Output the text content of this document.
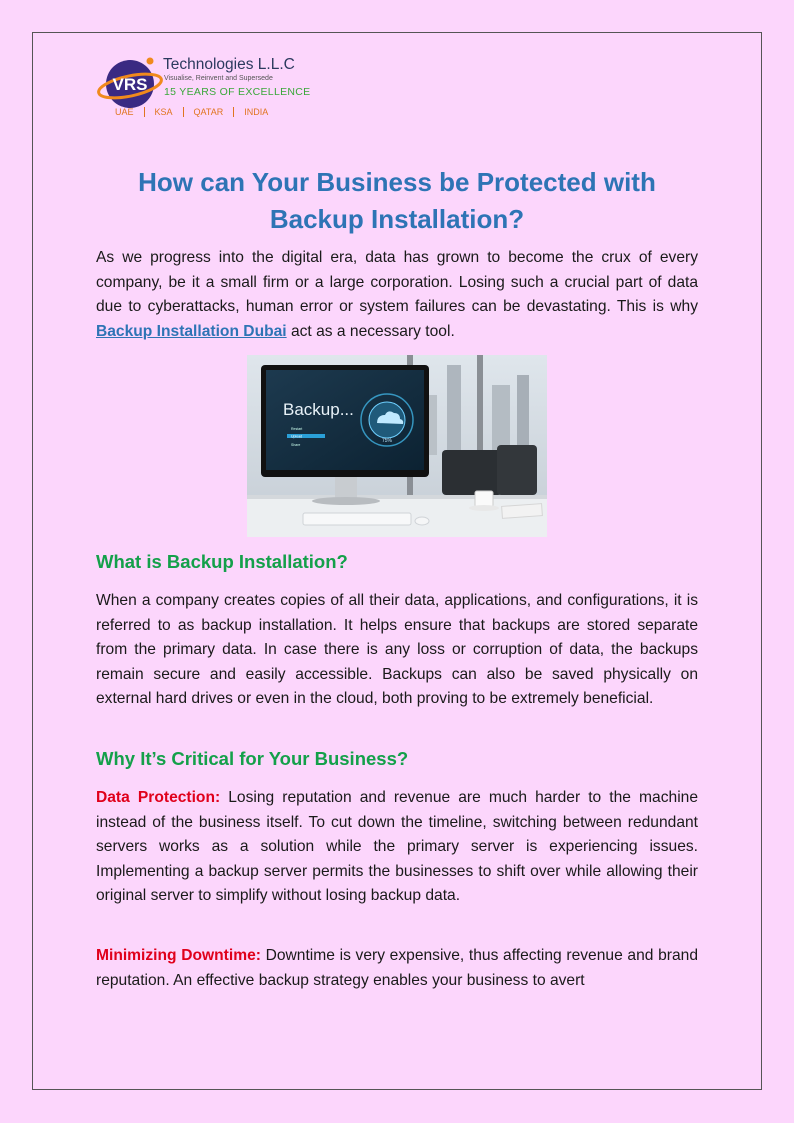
VRS
Technologies L.L.C
Visualise, Reinvent and Supersede
15 YEARS OF EXCELLENCE
UAE	KSA	QATAR	INDIA
How can Your Business be Protected with Backup Installation?

As we progress into the digital era, data has grown to become the crux of every company, be it a small firm or a large corporation. Losing such a crucial part of data due to cyberattacks, human error or system failures can be devastating. This is why Backup Installation Dubai act as a necessary tool.

Backup...
Restart
Upload
Share
75%
What is Backup Installation?

When a company creates copies of all their data, applications, and configurations, it is referred to as backup installation. It helps ensure that backups are stored separate from the primary data. In case there is any loss or corruption of data, the backups remain secure and easily accessible. Backups can also be saved physically on external hard drives or even in the cloud, both proving to be extremely beneficial.

Why It’s Critical for Your Business?

Data Protection: Losing reputation and revenue are much harder to the machine instead of the business itself. To cut down the timeline, switching between redundant servers works as a solution while the primary server is experiencing issues. Implementing a backup server permits the businesses to shift over while allowing their original server to simplify without losing backup data.

Minimizing Downtime: Downtime is very expensive, thus affecting revenue and brand reputation. An effective backup strategy enables your business to avert
